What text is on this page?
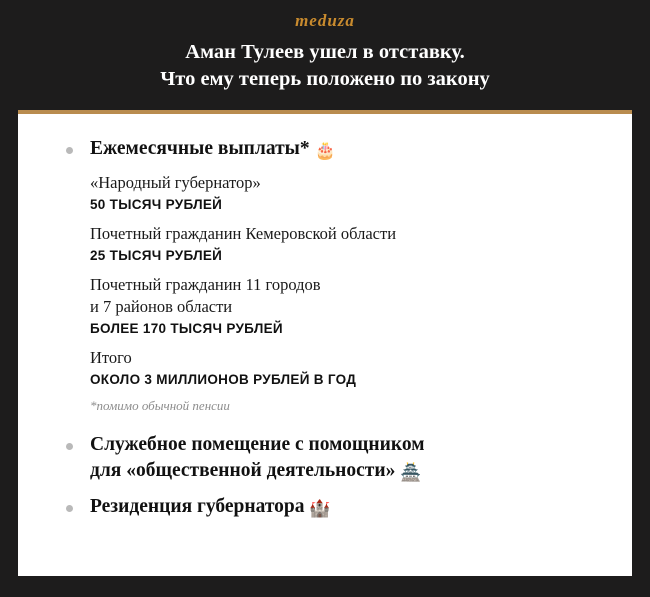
meduza
Аман Тулеев ушел в отставку.
Что ему теперь положено по закону

Ежемесячные выплаты* 🎂

«Народный губернатор»

50 ТЫСЯЧ РУБЛЕЙ

Почетный гражданин Кемеровской области

25 ТЫСЯЧ РУБЛЕЙ

Почетный гражданин 11 городов

и 7 районов области

БОЛЕЕ 170 ТЫСЯЧ РУБЛЕЙ

Итого

ОКОЛО 3 МИЛЛИОНОВ РУБЛЕЙ В ГОД

*помимо обычной пенсии

Служебное помещение с помощником
для «общественной деятельности» 🏯

Резиденция губернатора 🏰
